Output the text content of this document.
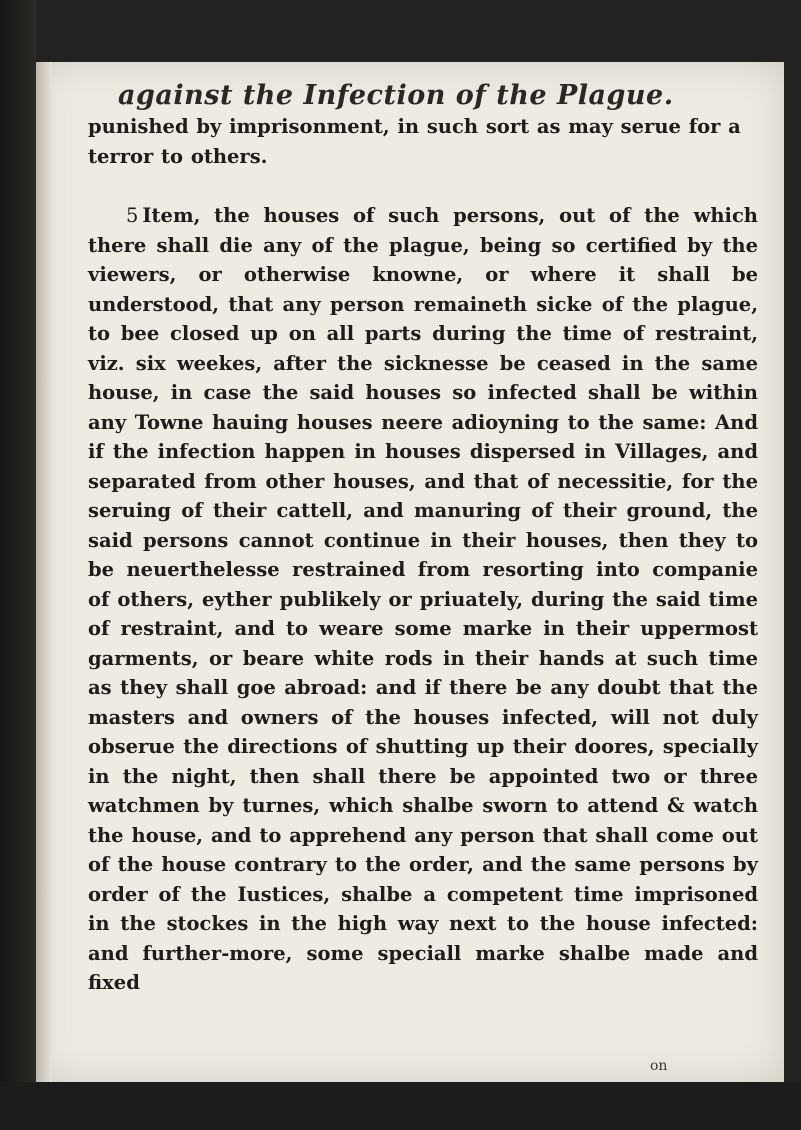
against the Infection of the Plague.

punished by imprisonment, in such sort as may serue for a terror to others.

5 Item, the houses of such persons, out of the which there shall die any of the plague, being so certified by the viewers, or otherwise knowne, or where it shall be understood, that any person remaineth sicke of the plague, to bee closed up on all parts during the time of restraint, viz. six weekes, after the sicknesse be ceased in the same house, in case the said houses so infected shall be within any Towne hauing houses neere adioyning to the same: And if the infection happen in houses dispersed in Villages, and separated from other houses, and that of necessitie, for the seruing of their cattell, and manuring of their ground, the said persons cannot continue in their houses, then they to be neuerthelesse restrained from resorting into companie of others, eyther publikely or priuately, during the said time of restraint, and to weare some marke in their uppermost garments, or beare white rods in their hands at such time as they shall goe abroad: and if there be any doubt that the masters and owners of the houses infected, will not duly obserue the directions of shutting up their doores, specially in the night, then shall there be appointed two or three watchmen by turnes, which shalbe sworn to attend & watch the house, and to apprehend any person that shall come out of the house contrary to the order, and the same persons by order of the Iustices, shalbe a competent time imprisoned in the stockes in the high way next to the house infected: and further-more, some speciall marke shalbe made and fixed

on
